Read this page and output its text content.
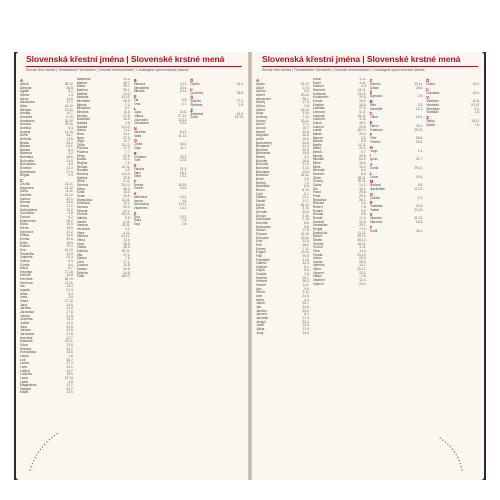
Slovenská křestní jména | Slovenské krstné mená
Slovak first names | Slowakische Vornamen | Szlovák keresztnevek | Словацкие крестильные имена
Slovenská křestní jména | Slovenské krstné mená
Slovak first names | Slowakische Vornamen | Szlovák keresztnevek | Словацкие крестильные имена
A
Adela	28.12.
Adriana	26.8.
Agáta	5.2.
Albína	1.3.
Alena	13.8.
Alexandra	17.7.
Alica	16.12.
Alžbeta	19.11.
Amália	10.7.
Anabela	5.10.
Anastázia	15.10.
Andrea	30.11.
Anežka	5.3.
Angela	11.10.
Anna	26.7.
Antónia	13.6.
Beáta	25.2.
Bianka	21.1.
Blanka	6.4.
Blažena	3.2.
Bohdana	18.6.
Bohumila	21.9.
Bohuslava	3.4.
Božena	13.3.
Branislava	27.4.
Brigita	9.9.
C
Cecília	22.11.
Dagmara	13.12.
Dana	6.12.
Daniela	13.12.
Darina	29.1.
Denisa	15.5.
Diana	27.2.
Dobroslava	14.2.
Dominika	4.8.
Dorota	6.2.
Drahomíra	18.7.
Edita	16.9.
Elena	18.8.
Eleonóra	21.2.
Eliška	14.6.
Emília	30.6.
Erika	18.5.
Estera	22.4.
Eva	24.12.
Frederika	10.9.
Gabriela	24.3.
Galina	5.9.
Gizela	8.4.
Hana	6.7.
Hedviga	17.10.
Helena	18.8.
Henrieta	26.10.
Hermína	12.11.
Ida	13.4.
Ingrida	21.3.
Irena	5.4.
Iveta	2.8.
Ivana	27.12.
Jana	24.6.
Jarmila	24.2.
Jaroslava	27.8.
Jolana	21.5.
Jozefína	19.3.
Judita	14.5.
Júlia	22.5.
Juliana	12.9.
Jaroslava	27.8.
Karolína	14.7.
Katarína	25.11.
Klára	12.8.
Kristína	24.7.
Kvetoslava	15.6.
Laura	1.6.
Lea	16.7.
Lenka	27.3.
Lívia	24.1.
Ľubica	13.7.
Ľudmila	16.9.
Lucia	13.12.
Lýdia	3.8.
Magdaléna	22.7.
Margita	20.7.
Mária	12.9.
Marianna	30.4.
Marína	18.7.
Marta	29.7.
Martina	30.1.
Matilda	14.3.
Melánia	31.12.
Michaela	28.9.
Milena	7.3.
Miloslava	8.7.
Miriama	11.6.
Monika	27.8.
Nadežda	15.9.
Natália	4.9.
Nataša	23.12.
Nikola	7.12.
Nina	14.1.
Nora	27.3.
Oľga	11.7.
Otília	13.12.
Patrícia	17.3.
Paulína	7.7.
Petra	27.6.
Radka	22.1.
Regína	7.9.
Renáta	12.11.
Rozália	4.9.
Ružena	14.10.
Sabína	29.8.
Silvia	3.11.
Simona	28.10.
Sláva	28.3.
Sofia	18.4.
Soňa	16.5.
Stanislava	13.11.
Svetlana	10.2.
Tamara	22.3.
Tatiana	12.1.
Terézia	15.10.
Valéria	9.5.
Vanda	4.11.
Vanesa	23.11.
Veronika	4.2.
Viera	4.11.
Viktória	23.12.
Vilma	12.6.
Viola	28.5.
Vlasta	28.9.
Zdenka	20.11.
Zita	27.4.
Zlatica	7.6.
Zora	17.1.
Zuzana	11.8.
Žaneta	30.5.
Želmíra	14.8.
Žofia	18.10.
B
Barbora	4.12.
Bernadeta	20.4.
Bibiána	2.12.
E
Ela	6.8.
Ema	4.7.
L
Lujza	21.6.
Liliana	27.10.
Ľubomíra	12.12.
Ľuboslava	15.3.
N
Nikoleta	8.12.
Nella	11.12.
O
Olívia	18.2.
Oľga	11.7.
R
Romana	26.2.
Ruth	10.4.
S
Sandra	21.4.
Sára	18.1.
Stela	13.1.
T
Tereza	15.10.
Timea	14.4.
V
Valentína	14.2.
Vesna	4.6.
Vieroslava	11.11.
Vladimíra	12.3.
Z
Zina	13.2.
Zlata	7.6.
Zoja	2.5.
Ď
Ďurďa	24.4.
Ľ
Ľudovíta	25.8.
Š
Šarlota	17.2.
Štefánia	2.9.
Ž
Želislava	24.9.
Žofia	18.10.
A
Adam	24.12.
Adolf	17.6.
Adrián	5.3.
Albert	20.11.
Alexander	28.1.
Alexej	17.3.
Alfonz	2.8.
Alfréd	31.10.
Alojz	21.6.
Ambróz	7.12.
Andrej	30.11.
Anton	17.1.
Arnold	18.7.
Arpád	12.6.
Augustín	28.8.
Aurel	16.6.
Bartolomej	24.8.
Benjamín	31.3.
Bernard	20.8.
Blahoslav	19.8.
Blažej	3.2.
Bohdan	18.6.
Bohumil	21.9.
Bohumír	3.10.
Bohuslav	23.4.
Boleslav	26.11.
Boris	2.5.
Bořivoj	7.2.
Branislav	8.5.
Bruno	6.10.
Cyril	5.7.
Dalibor	24.1.
Daniel	21.7.
Dávid	30.12.
Denis	9.10.
Dezider	23.5.
Dionýz	9.10.
Dobroslav	2.10.
Dominik	8.8.
Drahoslav	5.8.
Dušan	17.5.
Eduard	13.10.
Edmund	20.11.
Emil	22.5.
Erik	18.5.
Ernest	7.11.
Eugen	13.11.
Filip	26.5.
František	4.10.
Gabriel	24.3.
Gašpar	6.1.
Gejza	8.3.
Gustáv	2.8.
Henrich	15.7.
Herbert	16.3.
Hubert	3.11.
Igor	5.6.
Imrich	5.11.
Ivan	24.6.
Izidor	4.4.
Jakub	25.7.
Ján	24.6.
Jarolím	30.9.
Jaromír	8.1.
Jaroslav	27.4.
Jerguš	23.4.
Jozef	19.3.
Július	12.4.
Juraj	24.4.
Kamil	4.11.
Karol	4.11.
Kazimír	4.3.
Klement	23.11.
Koloman	13.10.
Konštantín	20.5.
Kornel	16.9.
Kristián	15.5.
Ladislav	27.6.
Leonard	6.11.
Leopold	15.11.
Ľubomír	9.11.
Ľuboš	18.2.
Ľudovít	25.8.
Lukáš	18.10.
Marek	25.4.
Marcel	2.6.
Marián	8.9.
Martin	11.11.
Matej	24.2.
Metod	5.7.
Michal	29.9.
Mikuláš	6.12.
Milan	18.6.
Miloš	15.2.
Miroslav	6.3.
Norbert	6.6.
Oliver	28.11.
Ondrej	30.11.
Oskár	1.12.
Oto	16.1.
Pavol	29.6.
Peter	29.6.
Radoslav	28.1.
Richard	3.4.
Róbert	7.6.
Roland	9.5.
Roman	9.8.
Rudolf	17.4.
Samuel	20.8.
Sebastián	20.1.
Sergej	7.10.
Svätopluk	21.11.
Šimon	28.10.
Štefan	26.12.
Tadeáš	28.10.
Teodor	9.11.
Tibor	14.4.
Tomáš	21.12.
Urban	25.5.
Václav	28.9.
Valentín	14.2.
Viktor	20.12.
Vincent	22.1.
Viliam	1.8.
Vladimír	12.3.
Vojtech	23.4.
Z
Zdenko	20.11.
Zoltán	28.6.
Ž
Žigmund	2.5.
B
Belo	3.3.
Benedikt	12.1.
C
Ctibor	18.3.
E
Elemír	25.3.
Emanuel	25.12.
F
Félix	28.5.
Fridrich	25.6.
H
Hugo	1.4.
I
Ignác	31.7.
J
Jonáš	29.11.
L
Lívius	29.4.
M
Medard	8.6.
Maximilián	12.10.
O
Oldrich	2.3.
R
Rastislav	22.9.
Rafael	24.10.
S
Silvester	31.12.
Slavomír	15.8.
T
Teofil	26.2.
Ď
Ďurko	24.4.
Ľ
Ľuboslav	15.3.
V
Vavrinec	10.8.
Vendelín	20.10.
Vieroslav	9.2.
Vratislav	1.5.
Z
Záboj	18.11.
Zlatko	7.6.
